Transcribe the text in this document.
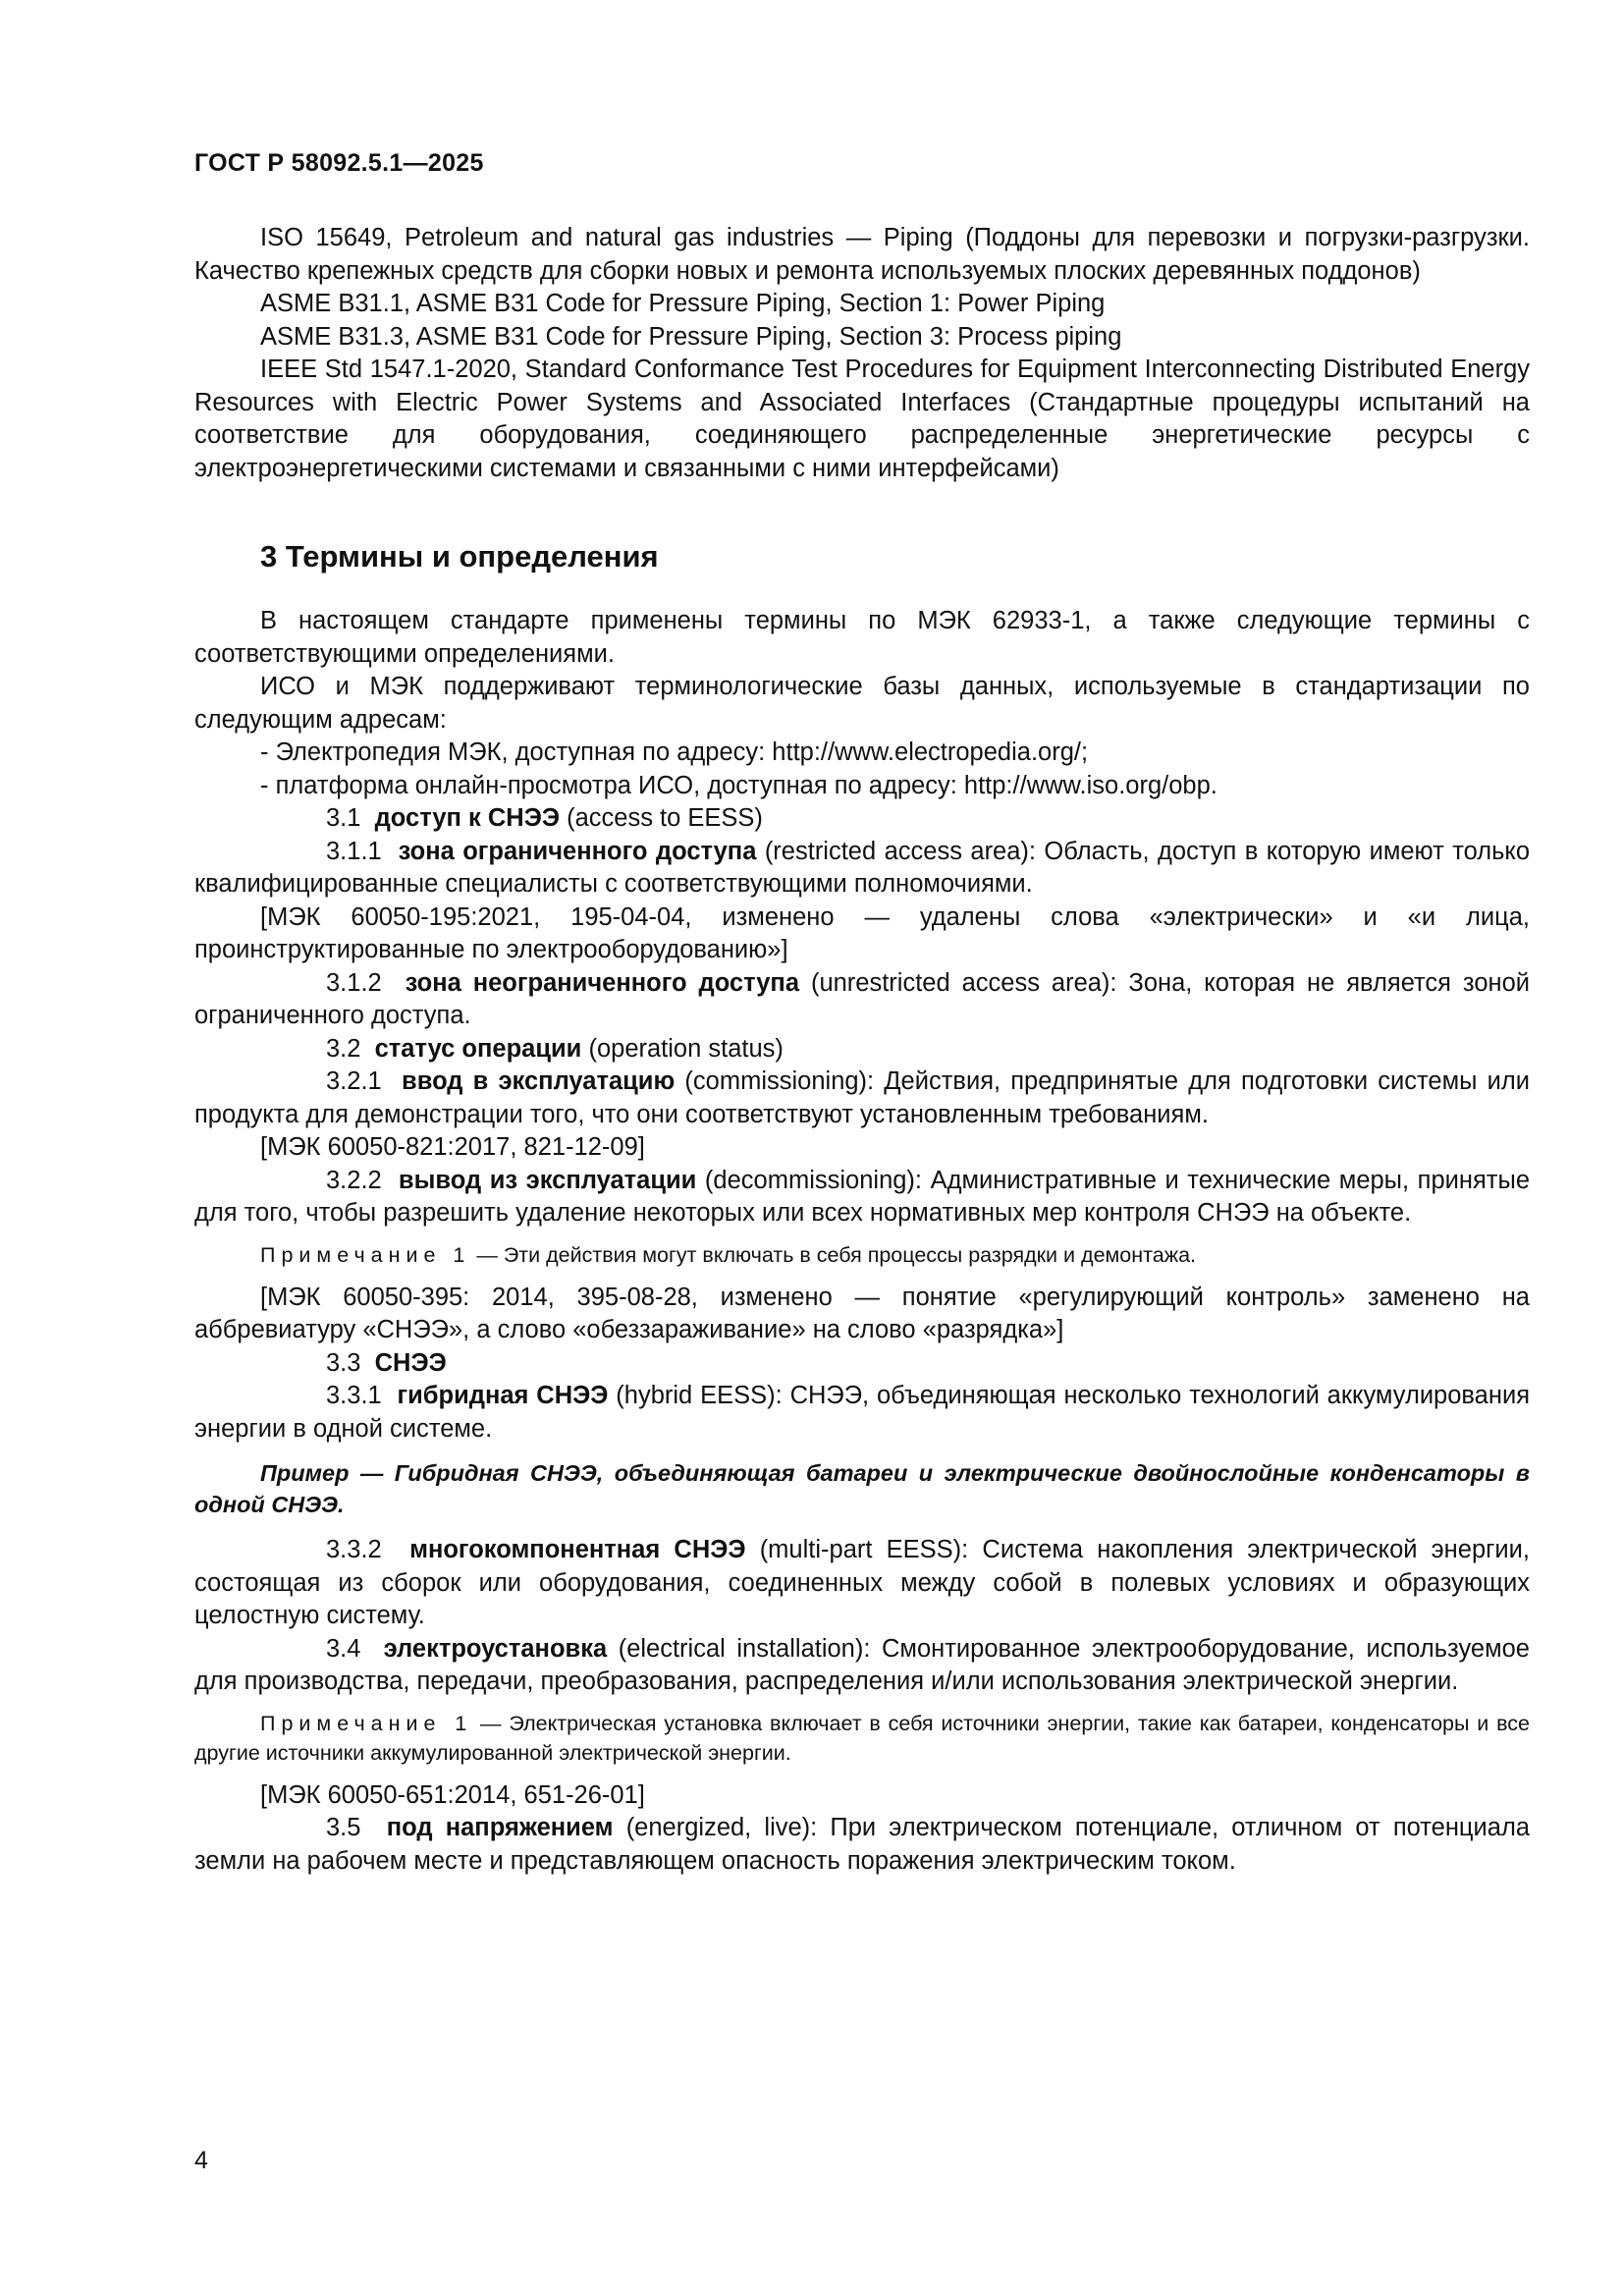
ГОСТ Р 58092.5.1—2025

ISO 15649, Petroleum and natural gas industries — Piping (Поддоны для перевозки и погрузки-разгрузки. Качество крепежных средств для сборки новых и ремонта используемых плоских деревянных поддонов)

ASME B31.1, ASME B31 Code for Pressure Piping, Section 1: Power Piping

ASME B31.3, ASME B31 Code for Pressure Piping, Section 3: Process piping

IEEE Std 1547.1-2020, Standard Conformance Test Procedures for Equipment Interconnecting Distributed Energy Resources with Electric Power Systems and Associated Interfaces (Стандартные процедуры испытаний на соответствие для оборудования, соединяющего распределенные энергетические ресурсы с электроэнергетическими системами и связанными с ними интерфейсами)

3 Термины и определения

В настоящем стандарте применены термины по МЭК 62933-1, а также следующие термины с соответствующими определениями.

ИСО и МЭК поддерживают терминологические базы данных, используемые в стандартизации по следующим адресам:

- Электропедия МЭК, доступная по адресу: http://www.electropedia.org/;

- платформа онлайн-просмотра ИСО, доступная по адресу: http://www.iso.org/obp.

3.1 доступ к СНЭЭ (access to EESS)

3.1.1 зона ограниченного доступа (restricted access area): Область, доступ в которую имеют только квалифицированные специалисты с соответствующими полномочиями.

[МЭК 60050-195:2021, 195-04-04, изменено — удалены слова «электрически» и «и лица, проинструктированные по электрооборудованию»]

3.1.2 зона неограниченного доступа (unrestricted access area): Зона, которая не является зоной ограниченного доступа.

3.2 статус операции (operation status)

3.2.1 ввод в эксплуатацию (commissioning): Действия, предпринятые для подготовки системы или продукта для демонстрации того, что они соответствуют установленным требованиям.

[МЭК 60050-821:2017, 821-12-09]

3.2.2 вывод из эксплуатации (decommissioning): Административные и технические меры, принятые для того, чтобы разрешить удаление некоторых или всех нормативных мер контроля СНЭЭ на объекте.

Примечание 1 — Эти действия могут включать в себя процессы разрядки и демонтажа.

[МЭК 60050-395: 2014, 395-08-28, изменено — понятие «регулирующий контроль» заменено на аббревиатуру «СНЭЭ», а слово «обеззараживание» на слово «разрядка»]

3.3 СНЭЭ

3.3.1 гибридная СНЭЭ (hybrid EESS): СНЭЭ, объединяющая несколько технологий аккумулирования энергии в одной системе.

Пример — Гибридная СНЭЭ, объединяющая батареи и электрические двойнослойные конденсаторы в одной СНЭЭ.

3.3.2 многокомпонентная СНЭЭ (multi-part EESS): Система накопления электрической энергии, состоящая из сборок или оборудования, соединенных между собой в полевых условиях и образующих целостную систему.

3.4 электроустановка (electrical installation): Смонтированное электрооборудование, используемое для производства, передачи, преобразования, распределения и/или использования электрической энергии.

Примечание 1 — Электрическая установка включает в себя источники энергии, такие как батареи, конденсаторы и все другие источники аккумулированной электрической энергии.

[МЭК 60050-651:2014, 651-26-01]

3.5 под напряжением (energized, live): При электрическом потенциале, отличном от потенциала земли на рабочем месте и представляющем опасность поражения электрическим током.

4
